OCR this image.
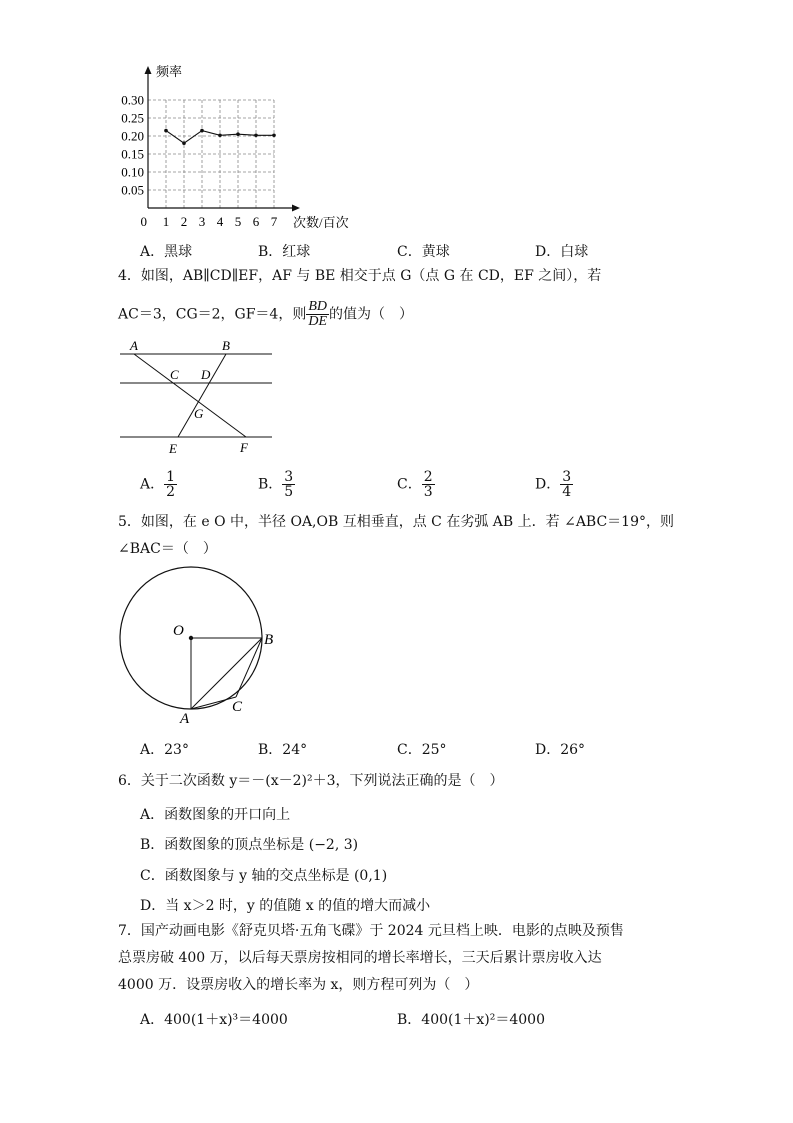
0.30
0.25
0.20
0.15
0.10
0.05
0 1 2 3 4 5 6 7
频率
次数/百次
A．黑球	B．红球	C．黄球	D．白球
4．如图，AB∥CD∥EF，AF 与 BE 相交于点 G（点 G 在 CD，EF 之间），若
AC＝3，CG＝2，GF＝4，则 $\frac{BD}{DE}$ 的值为（　）
A	B
C D
G
E	F
A． $\frac{1}{2}$	B． $\frac{3}{5}$	C． $\frac{2}{3}$	D． $\frac{3}{4}$
5．如图，在 e O 中，半径 OA,OB 互相垂直，点 C 在劣弧 AB 上．若 ∠ABC＝19°，则
∠BAC＝（　）
O
B
A
C
A．23°	B．24°	C．25°	D．26°
6．关于二次函数 y＝－(x－2)²＋3，下列说法正确的是（　）
A．函数图象的开口向上
B．函数图象的顶点坐标是 (−2, 3)
C．函数图象与 y 轴的交点坐标是 (0,1)
D．当 x＞2 时，y 的值随 x 的值的增大而减小
7．国产动画电影《舒克贝塔·五角飞碟》于 2024 元旦档上映．电影的点映及预售
总票房破 400 万，以后每天票房按相同的增长率增长，三天后累计票房收入达
4000 万．设票房收入的增长率为 x，则方程可列为（　）
A．400(1＋x)³＝4000	B．400(1＋x)²＝4000
